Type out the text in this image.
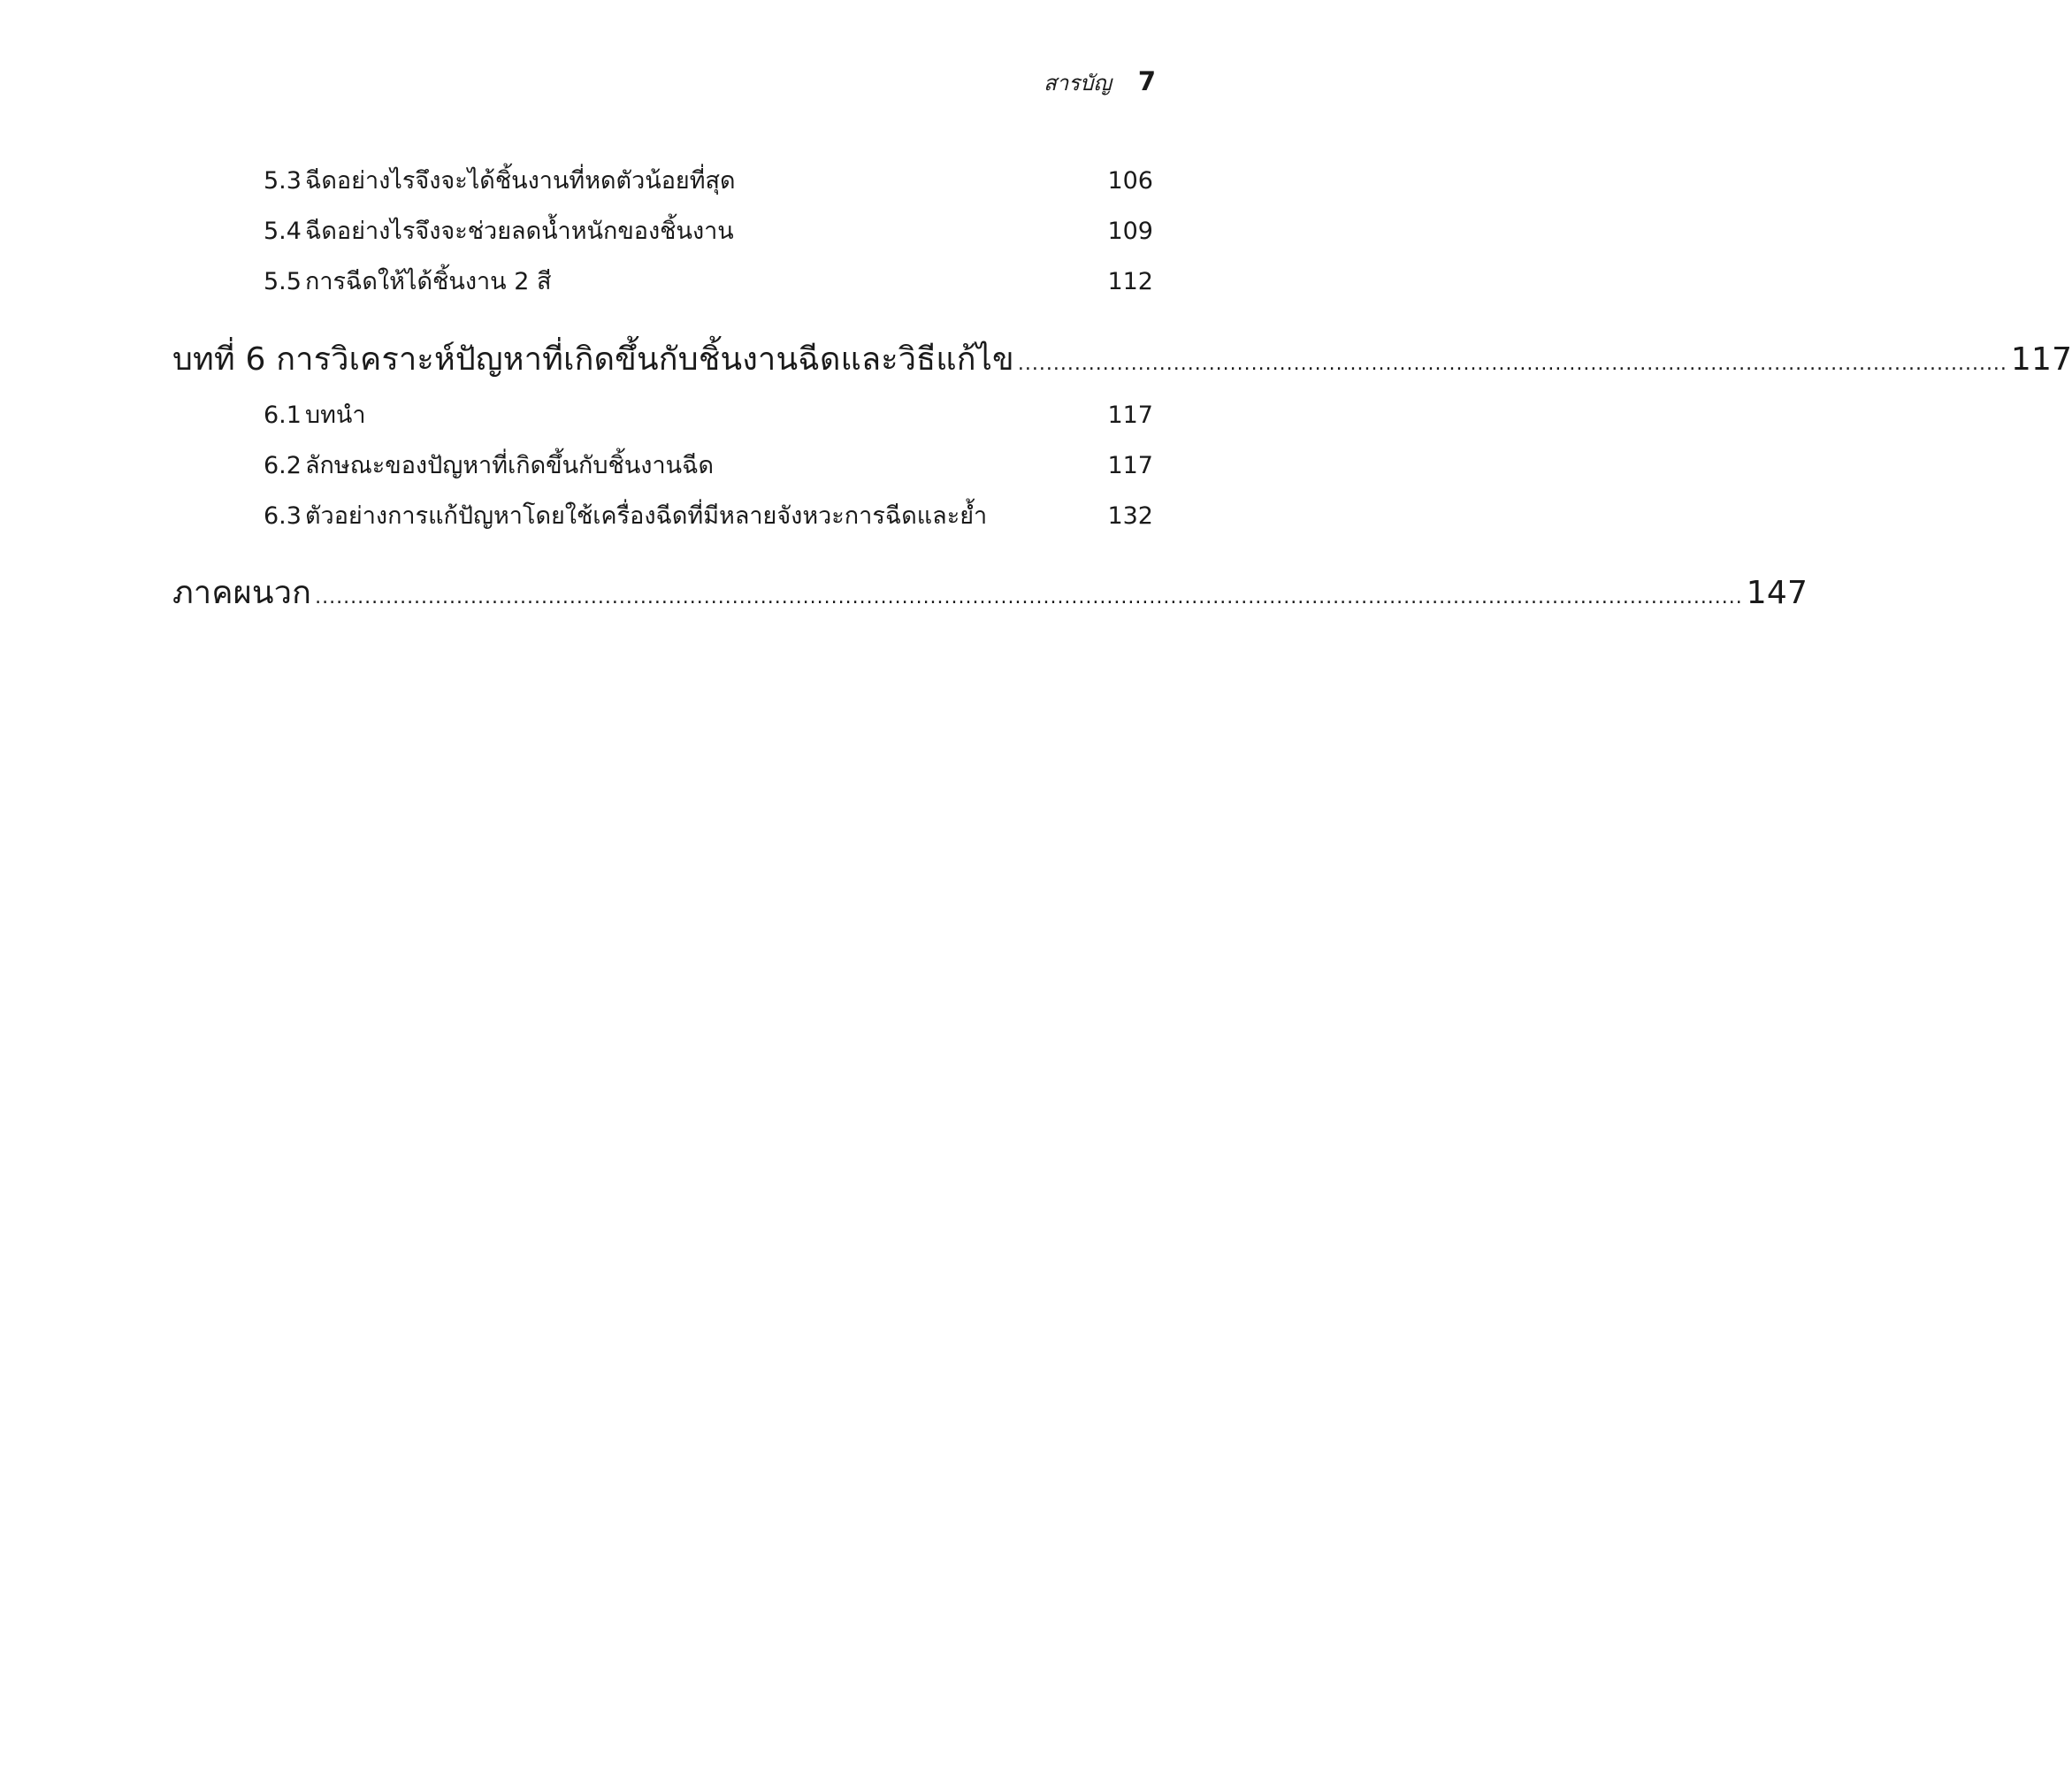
สารบัญ 7
5.3 ฉีดอย่างไรจึงจะได้ชิ้นงานที่หดตัวน้อยที่สุด	106
5.4 ฉีดอย่างไรจึงจะช่วยลดน้ำหนักของชิ้นงาน	109
5.5 การฉีดให้ได้ชิ้นงาน 2 สี	112
บทที่ 6 การวิเคราะห์ปัญหาที่เกิดขึ้นกับชิ้นงานฉีดและวิธีแก้ไข ............................................................................................................................................ 117
6.1 บทนำ	117
6.2 ลักษณะของปัญหาที่เกิดขึ้นกับชิ้นงานฉีด	117
6.3 ตัวอย่างการแก้ปัญหาโดยใช้เครื่องฉีดที่มีหลายจังหวะการฉีดและย้ำ	132
ภาคผนวก .......................................................................................................................................................................................................... 147
